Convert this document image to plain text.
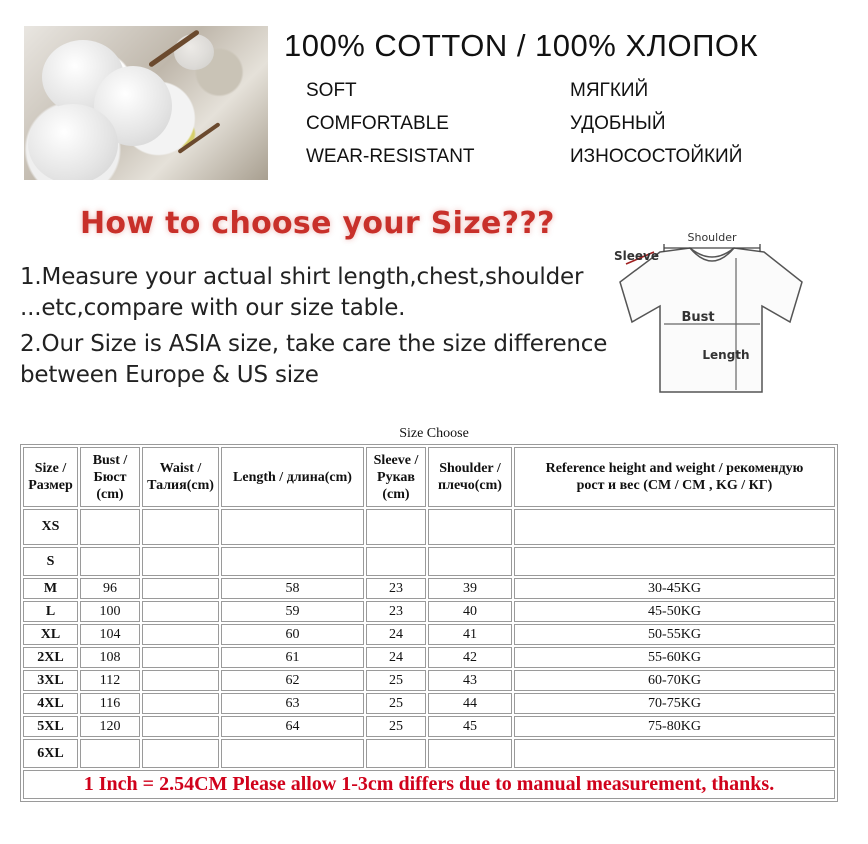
100% COTTON / 100% ХЛОПОК
SOFT
COMFORTABLE
WEAR-RESISTANT
МЯГКИЙ
УДОБНЫЙ
ИЗНОСОСТОЙКИЙ
How to choose your Size???
1.Measure your actual shirt length,chest,shoulder
...etc,compare with our size table.
2.Our Size is ASIA size, take care the size difference
between Europe & US size
Shoulder
Sleeve
Bust
Length
Size Choose
Size /
Размер	Bust /
Бюст
(cm)	Waist /
Талия(cm)	Length / длина(cm)	Sleeve /
Рукав
(cm)	Shoulder /
плечо(cm)	Reference height and weight / рекомендую
рост и вес (CM / CM , KG / КГ)
XS						
S						
M	96		58	23	39	30-45KG
L	100		59	23	40	45-50KG
XL	104		60	24	41	50-55KG
2XL	108		61	24	42	55-60KG
3XL	112		62	25	43	60-70KG
4XL	116		63	25	44	70-75KG
5XL	120		64	25	45	75-80KG
6XL						
1 Inch = 2.54CM Please allow 1-3cm differs due to manual measurement, thanks.						
